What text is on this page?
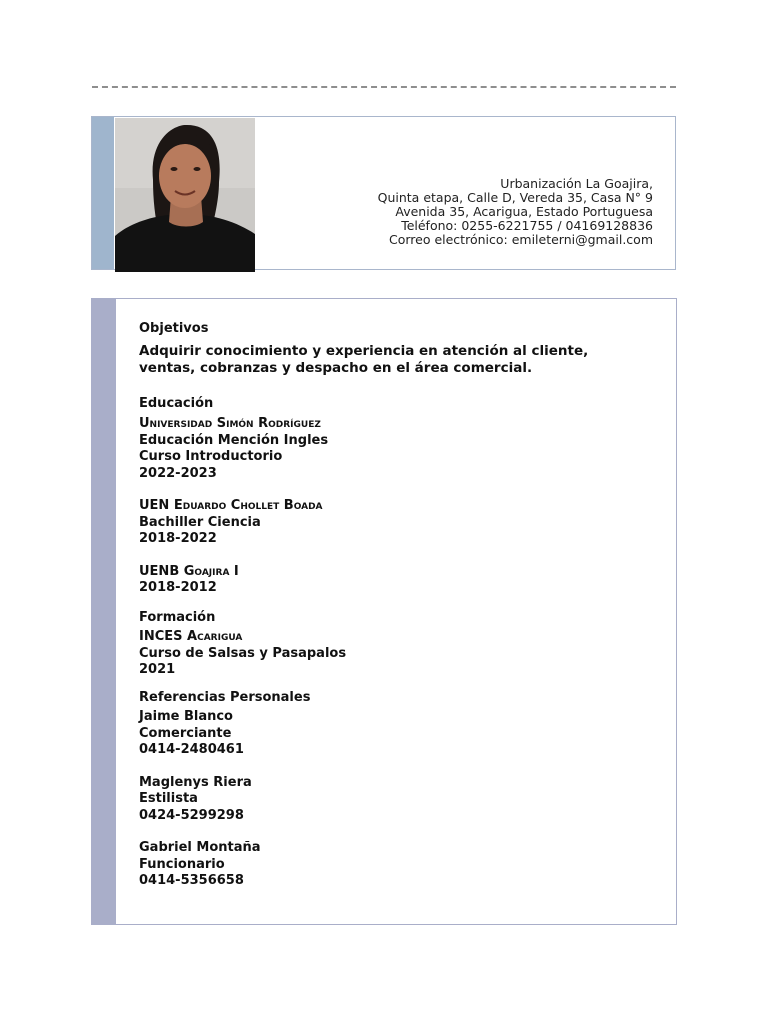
Urbanización La Goajira,
Quinta etapa, Calle D, Vereda 35, Casa N° 9
Avenida 35, Acarigua, Estado Portuguesa
Teléfono: 0255-6221755 / 04169128836
Correo electrónico: emileterni@gmail.com
Objetivos
Adquirir conocimiento y experiencia en atención al cliente, ventas, cobranzas y despacho en el área comercial.
Educación
Universidad Simón Rodríguez
Educación Mención Ingles
Curso Introductorio
2022-2023
UEN Eduardo Chollet Boada
Bachiller Ciencia
2018-2022
UENB Goajira I
2018-2012
Formación
INCES Acarigua
Curso de Salsas y Pasapalos
2021
Referencias Personales
Jaime Blanco
Comerciante
0414-2480461
Maglenys Riera
Estilista
0424-5299298
Gabriel Montaña
Funcionario
0414-5356658
